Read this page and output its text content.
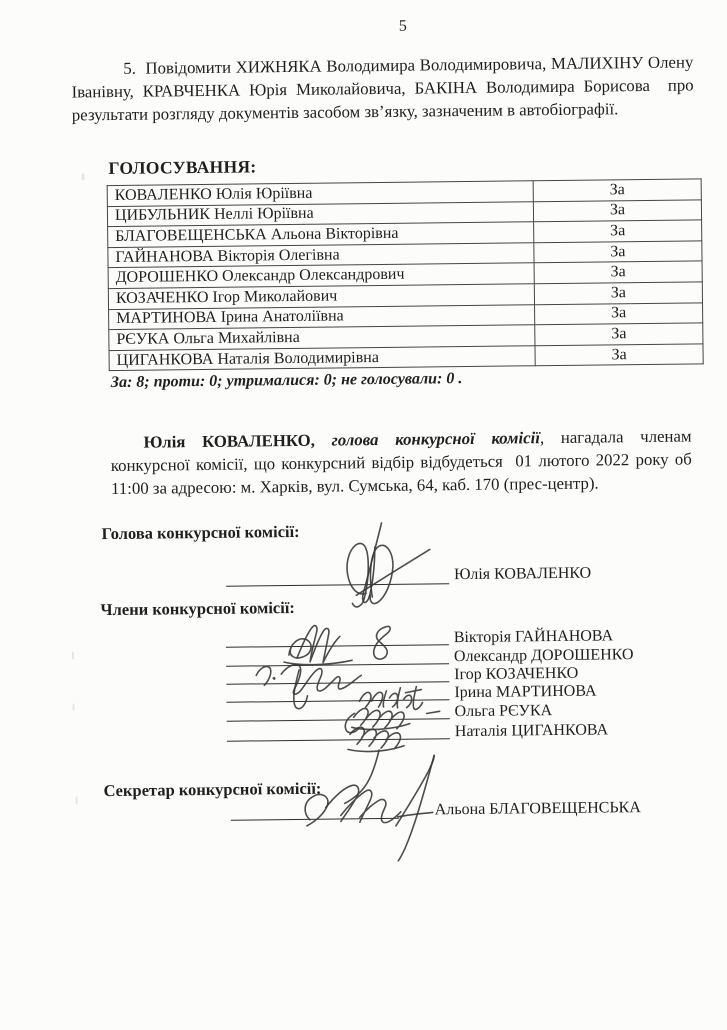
5

5.  Повідомити ХИЖНЯКА Володимира Володимировича, МАЛИХІНУ Олену Іванівну, КРАВЧЕНКА Юрія Миколайовича, БАКІНА Володимира Борисова  про результати розгляду документів засобом зв’язку, зазначеним в автобіографії.

ГОЛОСУВАННЯ:
КОВАЛЕНКО Юлія Юріївна	За
ЦИБУЛЬНИК Неллі Юріївна	За
БЛАГОВЕЩЕНСЬКА Альона Вікторівна	За
ГАЙНАНОВА Вікторія Олегівна	За
ДОРОШЕНКО Олександр Олександрович	За
КОЗАЧЕНКО Ігор Миколайович	За
МАРТИНОВА Ірина Анатоліївна	За
РЄУКА Ольга Михайлівна	За
ЦИГАНКОВА Наталія Володимирівна	За
За: 8; проти: 0; утрималися: 0; не голосували: 0 .

Юлія КОВАЛЕНКО, голова конкурсної комісії, нагадала членам конкурсної комісії, що конкурсний відбір відбудеться  01 лютого 2022 року об 11:00 за адресою: м. Харків, вул. Сумська, 64, каб. 170 (прес-центр).

Голова конкурсної комісії:
Юлія КОВАЛЕНКО
Члени конкурсної комісії:
Вікторія ГАЙНАНОВА
Олександр ДОРОШЕНКО
Ігор КОЗАЧЕНКО
Ірина МАРТИНОВА
Ольга РЄУКА
Наталія ЦИГАНКОВА
Секретар конкурсної комісії:
Альона БЛАГОВЕЩЕНСЬКА
